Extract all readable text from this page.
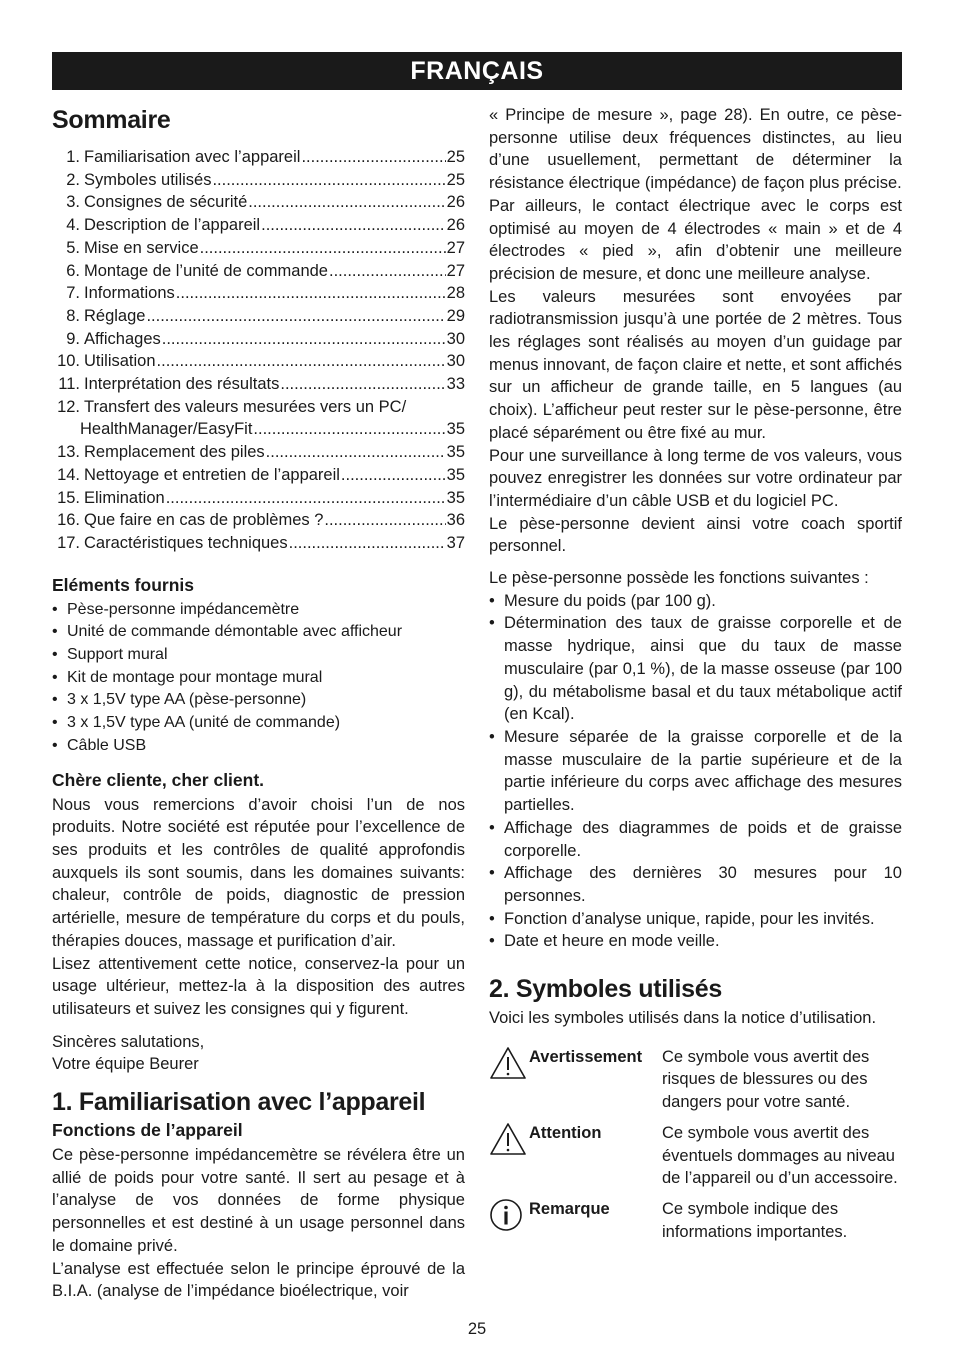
FRANÇAIS
Sommaire
1. Familiarisation avec l’appareil .....	25
2. Symboles utilisés .....	25
3. Consignes de sécurité .....	26
4. Description de l’appareil .....	26
5. Mise en service .....	27
6. Montage de l’unité de commande .....	27
7. Informations .....	28
8. Réglage .....	29
9. Affichages .....	30
10. Utilisation .....	30
11. Interprétation des résultats .....	33
12. Transfert des valeurs mesurées vers un PC/
HealthManager/EasyFit .....	35
13. Remplacement des piles .....	35
14. Nettoyage et entretien de l’appareil .....	35
15. Elimination .....	35
16. Que faire en cas de problèmes ? .....	36
17. Caractéristiques techniques .....	37
Eléments fournis
• Pèse-personne impédancemètre
• Unité de commande démontable avec afficheur
• Support mural
• Kit de montage pour montage mural
• 3 x 1,5V type AA (pèse-personne)
• 3 x 1,5V type AA (unité de commande)
• Câble USB
Chère cliente, cher client.

Nous vous remercions d’avoir choisi l’un de nos produits. Notre société est réputée pour l’excellence de ses produits et les contrôles de qualité approfondis auxquels ils sont soumis, dans les domaines suivants: chaleur, contrôle de poids, diagnostic de pression artérielle, mesure de température du corps et du pouls, thérapies douces, massage et purification d’air.

Lisez attentivement cette notice, conservez-la pour un usage ultérieur, mettez-la à la disposition des autres utilisateurs et suivez les consignes qui y figurent.

Sincères salutations,

Votre équipe Beurer

1. Familiarisation avec l’appareil
Fonctions de l’appareil

Ce pèse-personne impédancemètre se révélera être un allié de poids pour votre santé. Il sert au pesage et à l’analyse de vos données de forme physique personnelles et est destiné à un usage personnel dans le domaine privé.

L’analyse est effectuée selon le principe éprouvé de la B.I.A. (analyse de l’impédance bioélectrique, voir

« Principe de mesure », page 28). En outre, ce pèse-personne utilise deux fréquences distinctes, au lieu d’une usuellement, permettant de déterminer la résistance électrique (impédance) de façon plus précise.

Par ailleurs, le contact électrique avec le corps est optimisé au moyen de 4 électrodes « main » et de 4 électrodes « pied », afin d’obtenir une meilleure précision de mesure, et donc une meilleure analyse.

Les valeurs mesurées sont envoyées par radiotransmission jusqu’à une portée de 2 mètres. Tous les réglages sont réalisés au moyen d’un guidage par menus innovant, de façon claire et nette, et sont affichés sur un afficheur de grande taille, en 5 langues (au choix). L’afficheur peut rester sur le pèse-personne, être placé séparément ou être fixé au mur.

Pour une surveillance à long terme de vos valeurs, vous pouvez enregistrer les données sur votre ordinateur par l’intermédiaire d’un câble USB et du logiciel PC.

Le pèse-personne devient ainsi votre coach sportif personnel.

Le pèse-personne possède les fonctions suivantes :

• Mesure du poids (par 100 g).
• Détermination des taux de graisse corporelle et de masse hydrique, ainsi que du taux de masse musculaire (par 0,1 %), de la masse osseuse (par 100 g), du métabolisme basal et du taux métabolique actif (en Kcal).
• Mesure séparée de la graisse corporelle et de la masse musculaire de la partie supérieure et de la partie inférieure du corps avec affichage des mesures partielles.
• Affichage des diagrammes de poids et de graisse corporelle.
• Affichage des dernières 30 mesures pour 10 personnes.
• Fonction d’analyse unique, rapide, pour les invités.
• Date et heure en mode veille.
2. Symboles utilisés

Voici les symboles utilisés dans la notice d’utilisation.

Avertissement	Ce symbole vous avertit des risques de blessures ou des dangers pour votre santé.
Attention	Ce symbole vous avertit des éventuels dommages au niveau de l’appareil ou d’un accessoire.
Remarque	Ce symbole indique des informations importantes.
25
